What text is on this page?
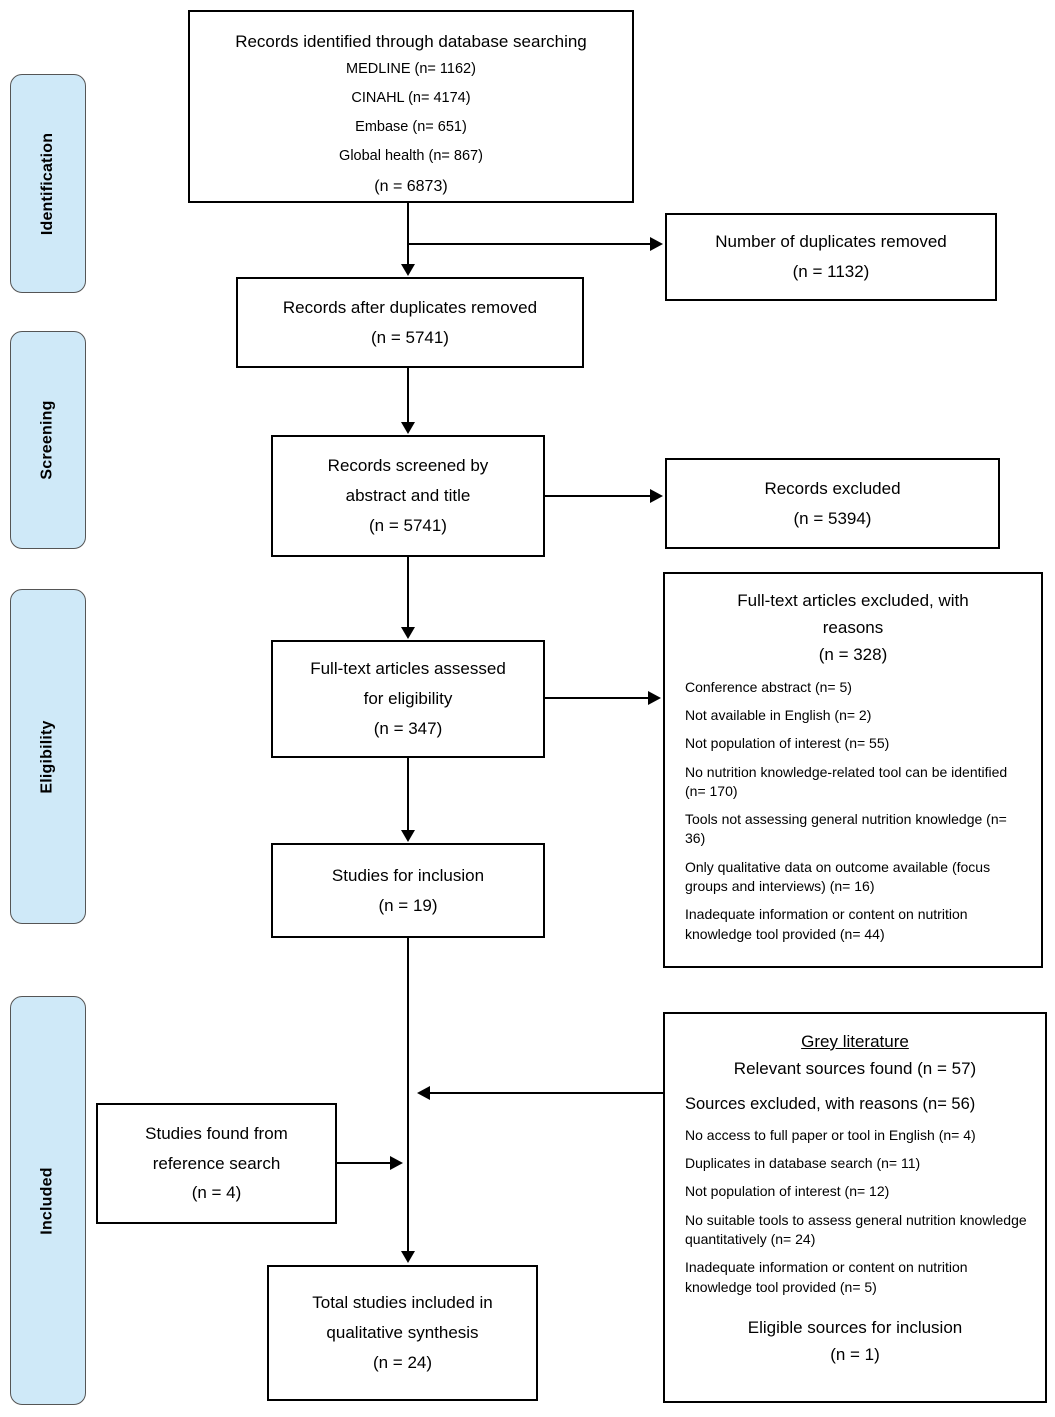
Identification
Screening
Eligibility
Included
Records identified through database searching
MEDLINE (n= 1162)
CINAHL (n= 4174)
Embase (n= 651)
Global health (n= 867)
(n = 6873)
Number of duplicates removed
(n = 1132)
Records after duplicates removed
(n = 5741)
Records screened by
abstract and title
(n = 5741)
Records excluded
(n = 5394)
Full-text articles assessed
for eligibility
(n = 347)
Full-text articles excluded, with
reasons
(n = 328)
Conference abstract (n= 5)
Not available in English (n= 2)
Not population of interest (n= 55)
No nutrition knowledge-related tool can be identified (n= 170)
Tools not assessing general nutrition knowledge (n= 36)
Only qualitative data on outcome available (focus groups and interviews) (n= 16)
Inadequate information or content on nutrition knowledge tool provided (n= 44)
Studies for inclusion
(n = 19)
Grey literature
Relevant sources found (n = 57)
Sources excluded, with reasons (n= 56)
No access to full paper or tool in English (n= 4)
Duplicates in database search (n= 11)
Not population of interest (n= 12)
No suitable tools to assess general nutrition knowledge quantitatively (n= 24)
Inadequate information or content on nutrition knowledge tool provided (n= 5)
Eligible sources for inclusion
(n = 1)
Studies found from
reference search
(n = 4)
Total studies included in
qualitative synthesis
(n = 24)
